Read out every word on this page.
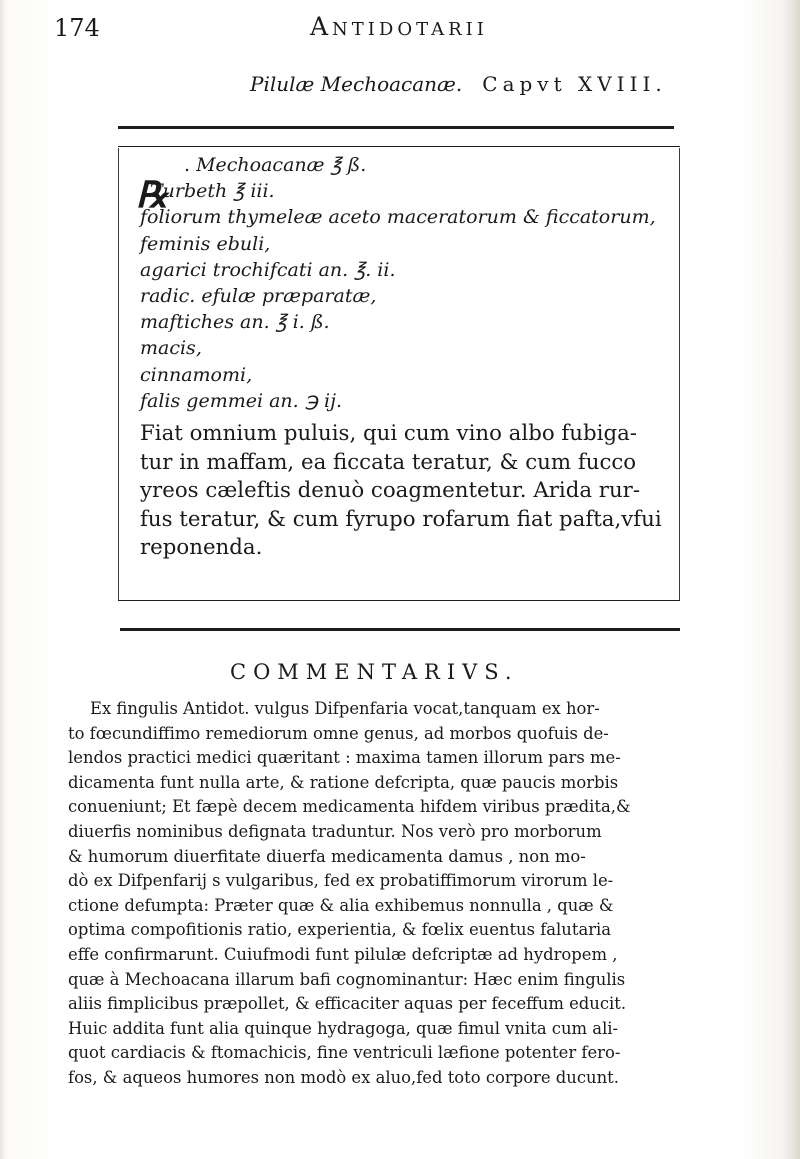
174	Antidotarii
Pilulæ Mechoacanæ. Capvt XVIII.
℞
. Mechoacanæ ℥ ß.
Turbeth ℥ iii.
foliorum thymeleæ aceto maceratorum & ficcatorum,
feminis ebuli,
agarici trochifcati an. ℥. ii.
radic. efulæ præparatæ,
maftiches an. ℥ i. ß.
macis,
cinnamomi,
falis gemmei an. ℈ ij.
Fiat omnium puluis, qui cum vino albo fubiga-
tur in maffam, ea ficcata teratur, & cum fucco
yreos cæleftis denuò coagmentetur. Arida rur-
fus teratur, & cum fyrupo rofarum fiat pafta,vfui
reponenda.
COMMENTARIVS.
Ex fingulis Antidot. vulgus Difpenfaria vocat,tanquam ex hor-
to fœcundiffimo remediorum omne genus, ad morbos quofuis de-
lendos practici medici quæritant : maxima tamen illorum pars me-
dicamenta funt nulla arte, & ratione defcripta, quæ paucis morbis
conueniunt; Et fæpè decem medicamenta hifdem viribus prædita,&
diuerfis nominibus defignata traduntur. Nos verò pro morborum
& humorum diuerfitate diuerfa medicamenta damus , non mo-
dò ex Difpenfarij s vulgaribus, fed ex probatiffimorum virorum le-
ctione defumpta: Præter quæ & alia exhibemus nonnulla , quæ &
optima compofitionis ratio, experientia, & fœlix euentus falutaria
effe confirmarunt. Cuiufmodi funt pilulæ defcriptæ ad hydropem ,
quæ à Mechoacana illarum bafi cognominantur: Hæc enim fingulis
aliis fimplicibus præpollet, & efficaciter aquas per feceffum educit.
Huic addita funt alia quinque hydragoga, quæ fimul vnita cum ali-
quot cardiacis & ftomachicis, fine ventriculi læfione potenter fero-
fos, & aqueos humores non modò ex aluo,fed toto corpore ducunt.
